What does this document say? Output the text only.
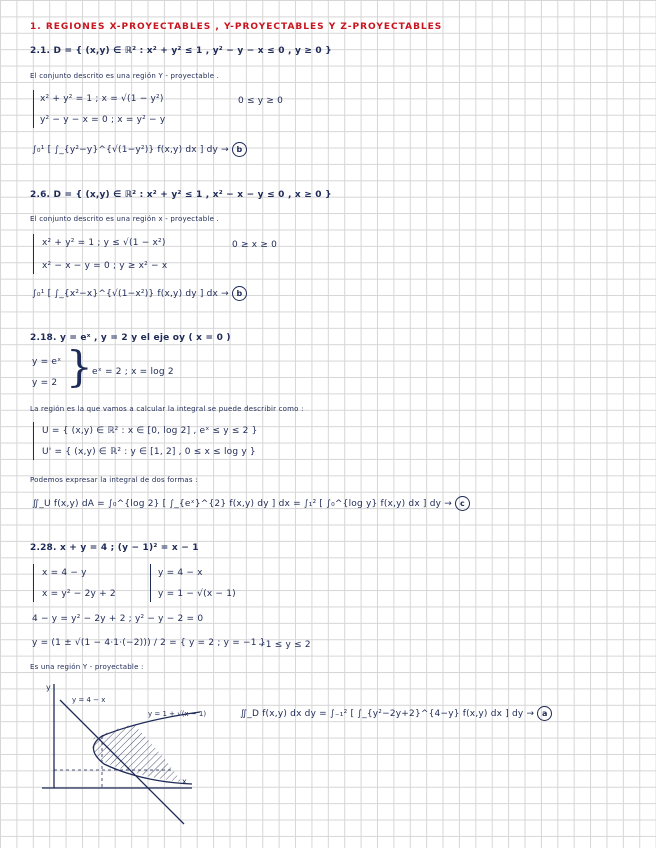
1. REGIONES X-PROYECTABLES , Y-PROYECTABLES Y Z-PROYECTABLES
2.1. D = { (x,y) ∈ ℝ² : x² + y² ≤ 1 , y² − y − x ≤ 0 , y ≥ 0 }
El conjunto descrito es una región Y - proyectable .
x² + y² = 1 ; x = √(1 − y²)	0 ≤ y ≥ 0
y² − y − x = 0 ; x = y² − y
∫₀¹ [ ∫_{y²−y}^{√(1−y²)} f(x,y) dx ] dy → b
2.6. D = { (x,y) ∈ ℝ² : x² + y² ≤ 1 , x² − x − y ≤ 0 , x ≥ 0 }
El conjunto descrito es una región x - proyectable .
x² + y² = 1 ; y ≤ √(1 − x²)	0 ≥ x ≥ 0
x² − x − y = 0 ; y ≥ x² − x
∫₀¹ [ ∫_{x²−x}^{√(1−x²)} f(x,y) dy ] dx → b
2.18. y = eˣ , y = 2 y el eje oy ( x = 0 )
y = eˣ
y = 2 } eˣ = 2 ; x = log 2
La región es la que vamos a calcular la integral se puede describir como :
U = { (x,y) ∈ ℝ² : x ∈ [0, log 2] , eˣ ≤ y ≤ 2 }
U' = { (x,y) ∈ ℝ² : y ∈ [1, 2] , 0 ≤ x ≤ log y }
Podemos expresar la integral de dos formas :
∬_U f(x,y) dA = ∫₀^{log 2} [ ∫_{eˣ}^{2} f(x,y) dy ] dx = ∫₁² [ ∫₀^{log y} f(x,y) dx ] dy → c
2.28. x + y = 4 ; (y − 1)² = x − 1
x = 4 − y
x = y² − 2y + 2
y = 4 − x
y = 1 − √(x − 1)
4 − y = y² − 2y + 2 ; y² − y − 2 = 0
y = (1 ± √(1 − 4·1·(−2))) / 2 = { y = 2 ; y = −1 }
−1 ≤ y ≤ 2
Es una región Y - proyectable :
y
x
y = 4 − x
y = 1 + √(x − 1)	∬_D f(x,y) dx dy = ∫₋₁² [ ∫_{y²−2y+2}^{4−y} f(x,y) dx ] dy → a
